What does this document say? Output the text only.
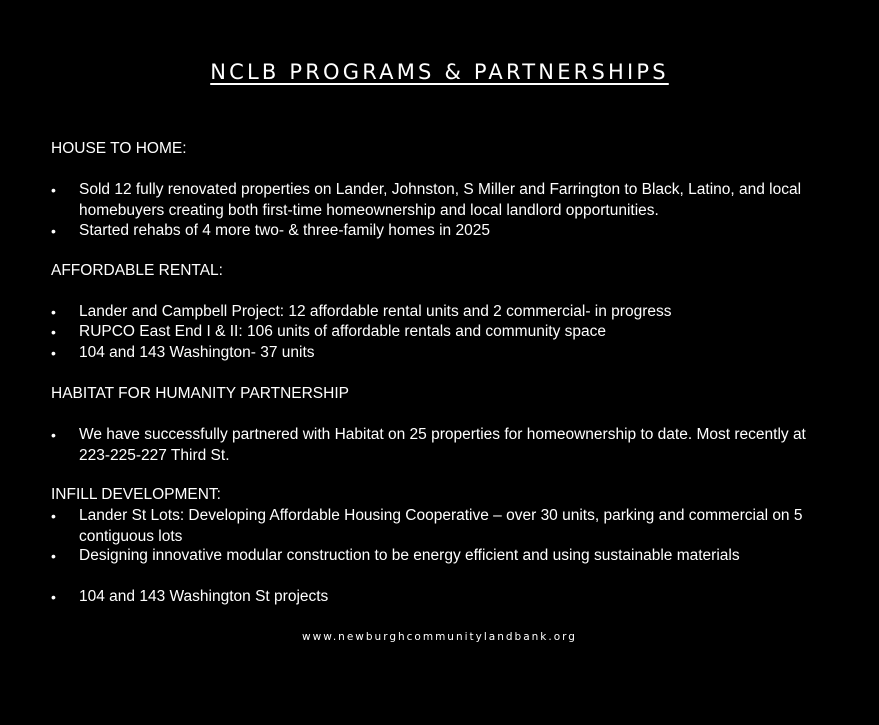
NCLB PROGRAMS & PARTNERSHIPS
HOUSE TO HOME:
•	Sold 12 fully renovated properties on Lander, Johnston, S Miller and Farrington to Black, Latino, and local homebuyers creating both first-time homeownership and local landlord opportunities.
•	Started rehabs of 4 more two- & three-family homes in 2025
AFFORDABLE RENTAL:
•	Lander and Campbell Project: 12 affordable rental units and 2 commercial- in progress
•	RUPCO East End I & II: 106 units of affordable rentals and community space
•	104 and 143 Washington- 37 units
HABITAT FOR HUMANITY PARTNERSHIP
•	We have successfully partnered with Habitat on 25 properties for homeownership to date. Most recently at 223-225-227 Third St.
INFILL DEVELOPMENT:
•	Lander St Lots: Developing Affordable Housing Cooperative – over 30 units, parking and commercial on 5 contiguous lots
•	Designing innovative modular construction to be energy efficient and using sustainable materials
•	104 and 143 Washington St projects
www.newburghcommunitylandbank.org
